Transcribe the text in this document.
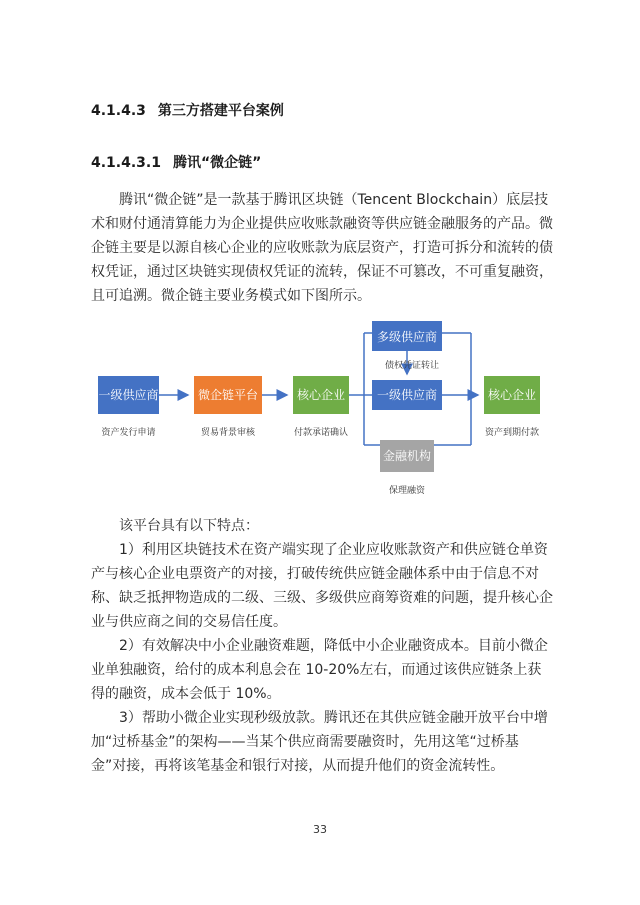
4.1.4.3 第三方搭建平台案例
4.1.4.3.1 腾讯“微企链”
腾讯“微企链”是一款基于腾讯区块链（Tencent Blockchain）底层技术和财付通清算能力为企业提供应收账款融资等供应链金融服务的产品。微企链主要是以源自核心企业的应收账款为底层资产，打造可拆分和流转的债权凭证，通过区块链实现债权凭证的流转，保证不可篡改，不可重复融资，且可追溯。微企链主要业务模式如下图所示。
一级供应商	微企链平台	核心企业
多级供应商
一级供应商	核心企业
金融机构
资产发行申请	贸易背景审核	付款承诺确认
债权凭证转让
保理融资
资产到期付款
该平台具有以下特点：
1）利用区块链技术在资产端实现了企业应收账款资产和供应链仓单资产与核心企业电票资产的对接，打破传统供应链金融体系中由于信息不对称、缺乏抵押物造成的二级、三级、多级供应商筹资难的问题，提升核心企业与供应商之间的交易信任度。
2）有效解决中小企业融资难题，降低中小企业融资成本。目前小微企业单独融资，给付的成本利息会在 10-20%左右，而通过该供应链条上获得的融资，成本会低于 10%。
3）帮助小微企业实现秒级放款。腾讯还在其供应链金融开放平台中增加“过桥基金”的架构——当某个供应商需要融资时，先用这笔“过桥基金”对接，再将该笔基金和银行对接，从而提升他们的资金流转性。
33
